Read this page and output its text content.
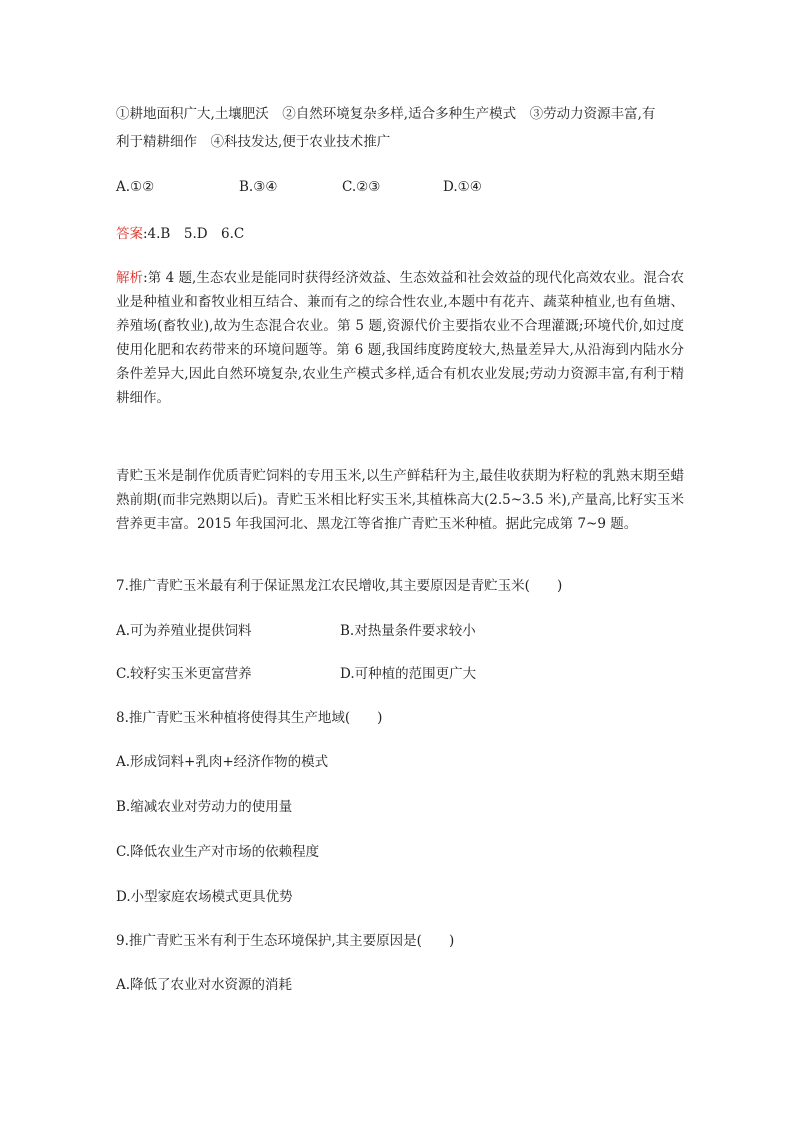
①耕地面积广大,土壤肥沃　②自然环境复杂多样,适合多种生产模式　③劳动力资源丰富,有
利于精耕细作　④科技发达,便于农业技术推广
A.①②	B.③④	C.②③	D.①④
答案:4.B　5.D　6.C
解析:第 4 题,生态农业是能同时获得经济效益、生态效益和社会效益的现代化高效农业。混合农业是种植业和畜牧业相互结合、兼而有之的综合性农业,本题中有花卉、蔬菜种植业,也有鱼塘、养殖场(畜牧业),故为生态混合农业。第 5 题,资源代价主要指农业不合理灌溉;环境代价,如过度使用化肥和农药带来的环境问题等。第 6 题,我国纬度跨度较大,热量差异大,从沿海到内陆水分条件差异大,因此自然环境复杂,农业生产模式多样,适合有机农业发展;劳动力资源丰富,有利于精耕细作。
青贮玉米是制作优质青贮饲料的专用玉米,以生产鲜秸秆为主,最佳收获期为籽粒的乳熟末期至蜡熟前期(而非完熟期以后)。青贮玉米相比籽实玉米,其植株高大(2.5~3.5 米),产量高,比籽实玉米营养更丰富。2015 年我国河北、黑龙江等省推广青贮玉米种植。据此完成第 7~9 题。
7.推广青贮玉米最有利于保证黑龙江农民增收,其主要原因是青贮玉米(　　)
A.可为养殖业提供饲料	B.对热量条件要求较小
C.较籽实玉米更富营养	D.可种植的范围更广大
8.推广青贮玉米种植将使得其生产地域(　　)
A.形成饲料+乳肉+经济作物的模式
B.缩减农业对劳动力的使用量
C.降低农业生产对市场的依赖程度
D.小型家庭农场模式更具优势
9.推广青贮玉米有利于生态环境保护,其主要原因是(　　)
A.降低了农业对水资源的消耗
